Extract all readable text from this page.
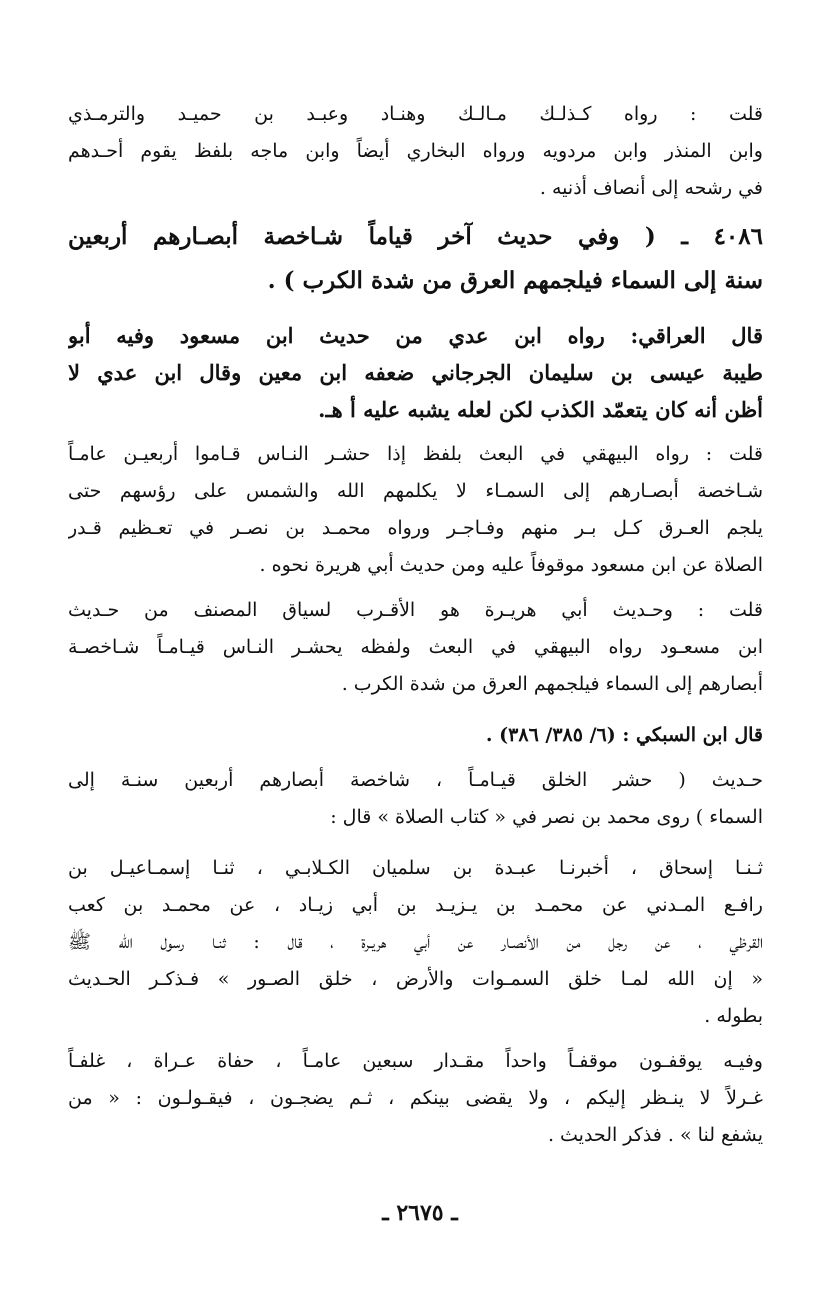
قلت : رواه كـذلـك مـالـك وهنـاد وعبـد بن حميـد والترمـذي
وابن المنذر وابن مردويه ورواه البخاري أيضاً وابن ماجه بلفظ يقوم أحـدهم
في رشحه إلى أنصاف أذنيه .
٤٠٨٦ ـ ( وفي حديث آخر قياماً شـاخصة أبصـارهم أربعين
سنة إلى السماء فيلجمهم العرق من شدة الكرب ) .
قال العراقي: رواه ابن عدي من حديث ابن مسعود وفيه أبو
طيبة عيسى بن سليمان الجرجاني ضعفه ابن معين وقال ابن عدي لا
أظن أنه كان يتعمّد الكذب لكن لعله يشبه عليه أ هـ.
قلت : رواه البيهقي في البعث بلفظ إذا حشـر النـاس قـاموا أربعيـن عامـاً
شـاخصة أبصـارهم إلى السمـاء لا يكلمهم الله والشمس على رؤسهم حتى
يلجم العـرق كـل بـر منهم وفـاجـر ورواه محمـد بن نصـر في تعـظيم قـدر
الصلاة عن ابن مسعود موقوفاً عليه ومن حديث أبي هريرة نحوه .
قلت : وحـديث أبي هريـرة هو الأقـرب لسياق المصنف من حـديث
ابن مسعـود رواه البيهقي في البعث ولفظه يحشـر النـاس قيـامـاً شـاخصـة
أبصارهم إلى السماء فيلجمهم العرق من شدة الكرب .
قال ابن السبكي : (٦/ ٣٨٥/ ٣٨٦) .
حـديث ( حشر الخلق قيـامـاً ، شاخصة أبصارهم أربعين سنـة إلى
السماء ) روى محمد بن نصر في « كتاب الصلاة » قال :
ثـنـا إسحاق ، أخبرنـا عبـدة بن سلميان الكـلابـي ، ثنـا إسمـاعيـل بن
رافـع المـدني عن محمـد بن يـزيـد بن أبي زيـاد ، عن محمـد بن كعب
القرظي ، عن رجل من الأنصـار عن أبي هريـرة ، قال : ثنـا رسول الله ﷺ
« إن الله لمـا خلق السمـوات والأرض ، خلق الصـور » فـذكـر الحـديث
بطوله .
وفيـه يوقفـون موقفـاً واحداً مقـدار سبعين عامـاً ، حفاة عـراة ، غلفـاً
غـرلاً لا ينـظر إليكم ، ولا يقضى بينكم ، ثـم يضجـون ، فيقـولـون : « من
يشفع لنا » . فذكر الحديث .
ـ ٢٦٧٥ ـ
